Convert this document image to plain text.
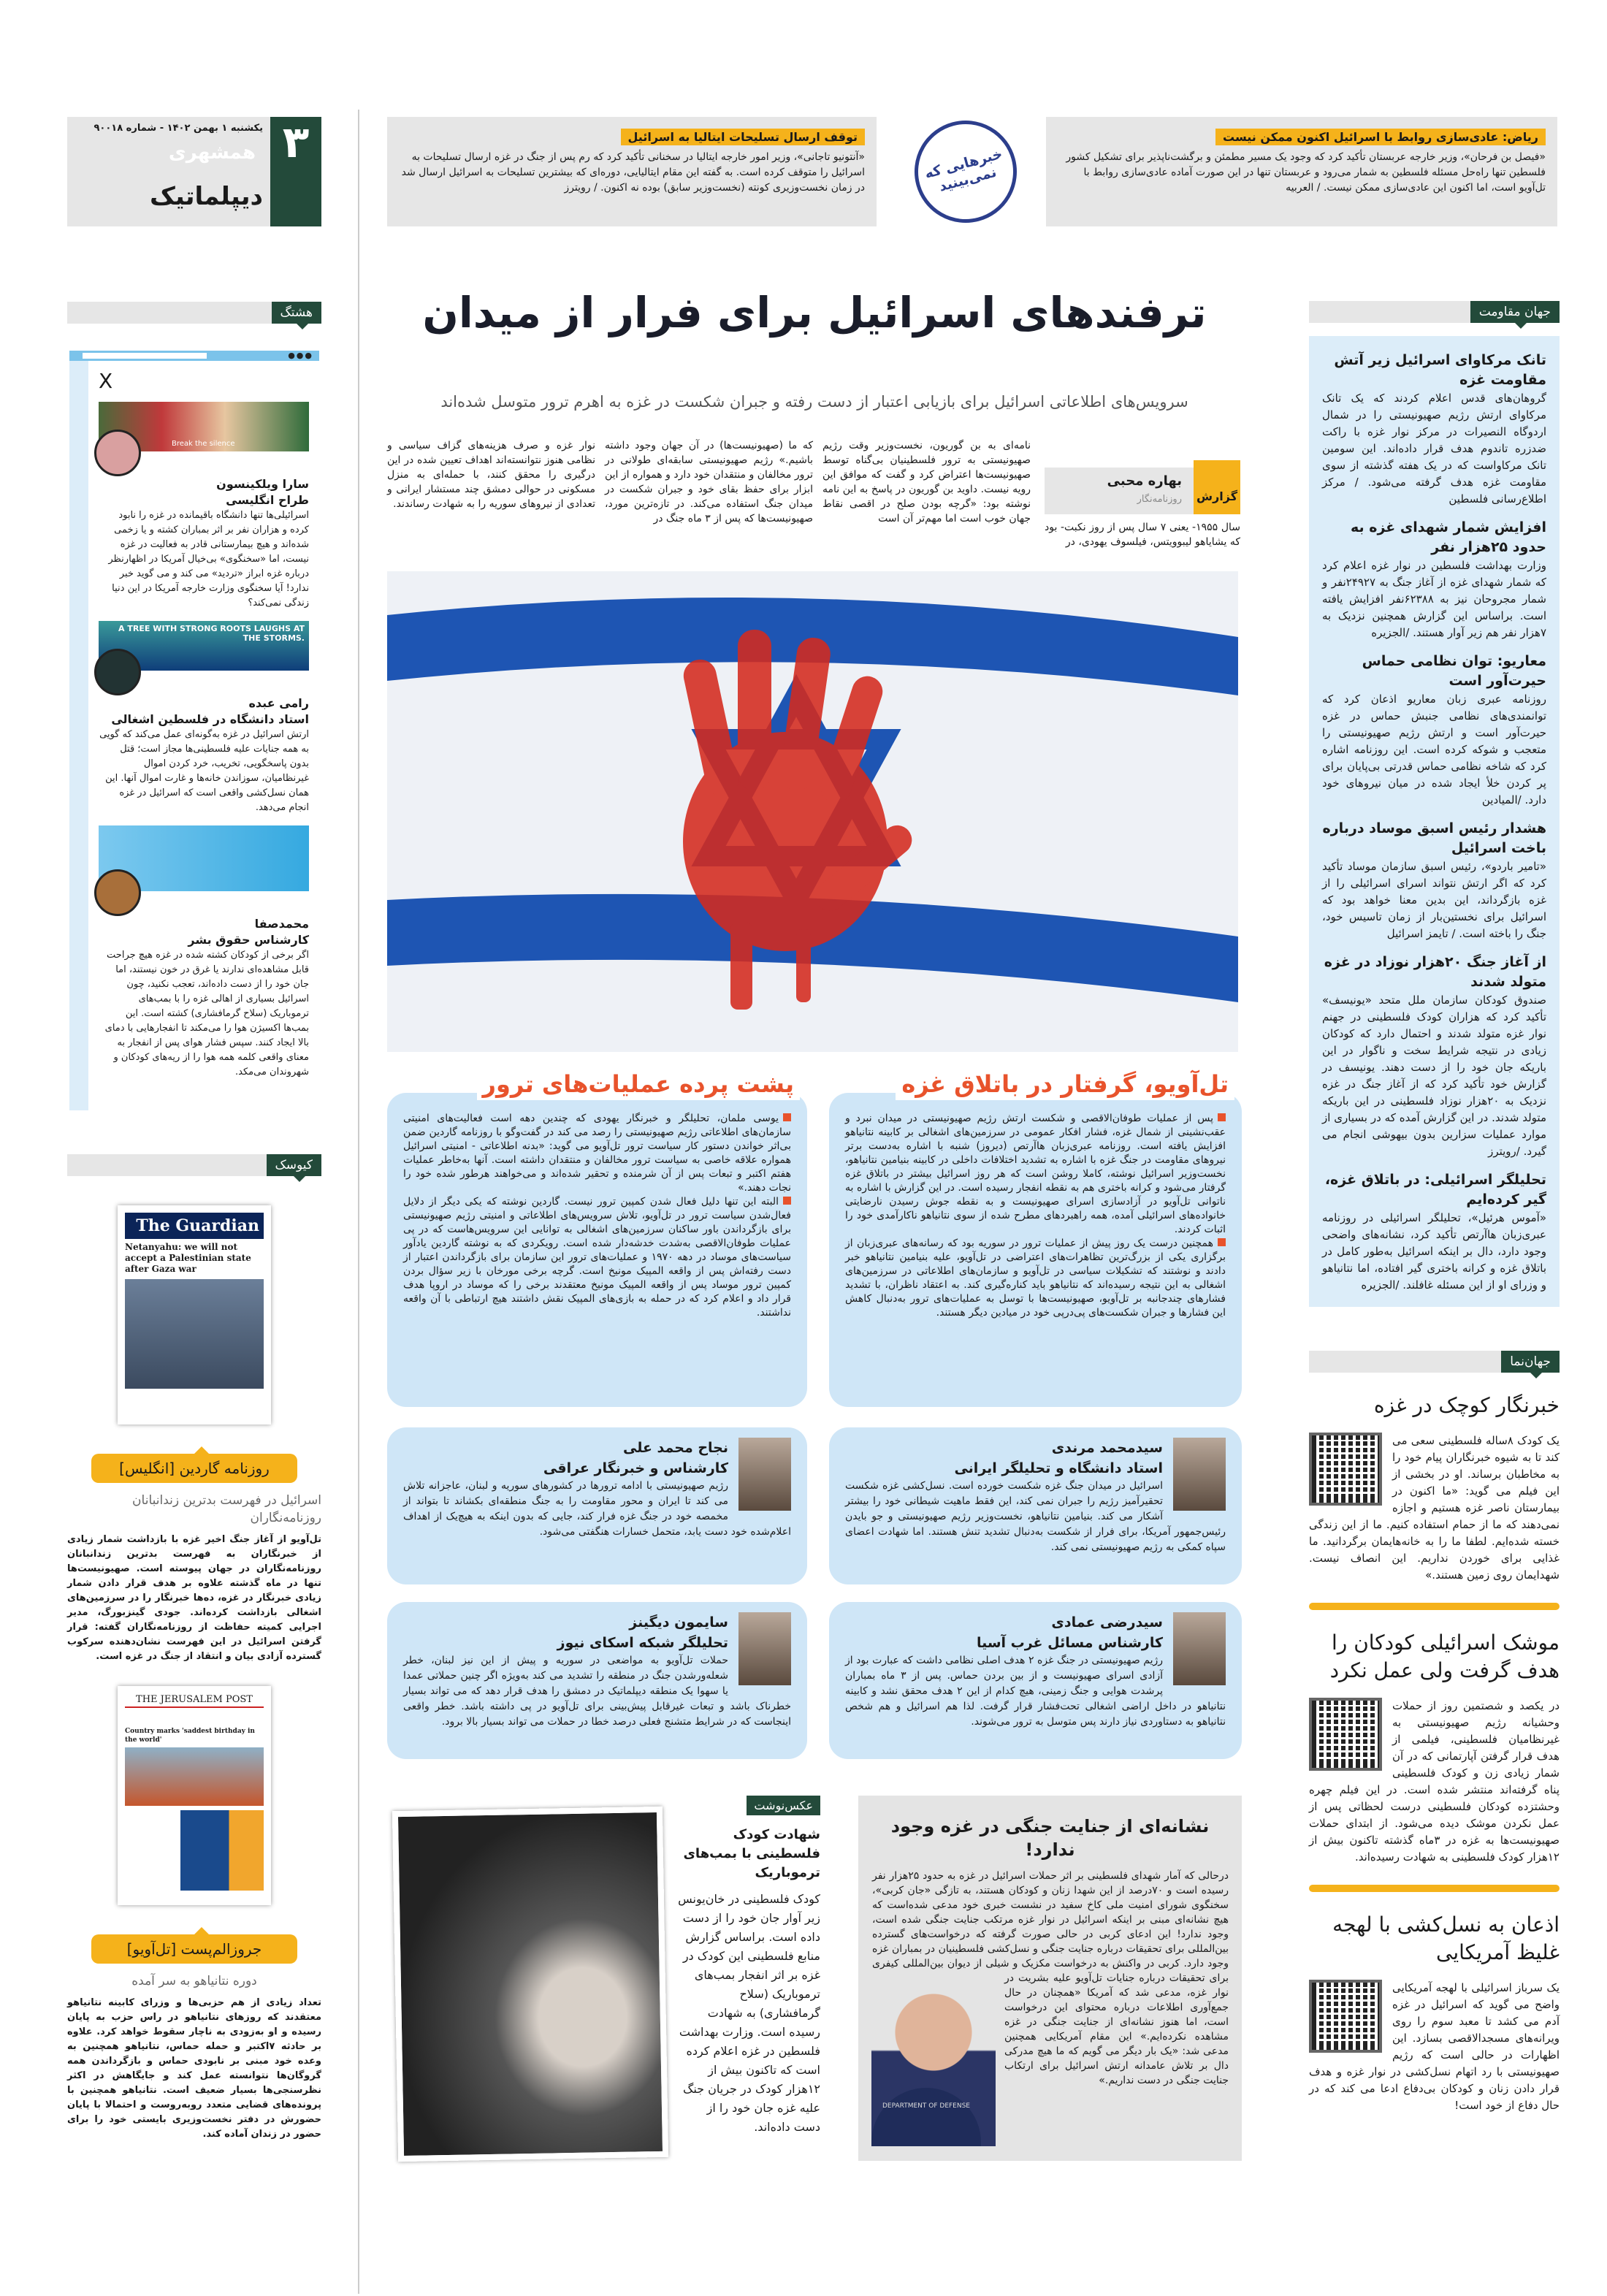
۳
یکشنبه ۱ بهمن ۱۴۰۲ - شماره ۹۰۰۱۸
همشهری
دیپلماتیک
ریاض: عادی‌سازی روابط با اسرائیل اکنون ممکن نیست
«فیصل بن فرحان»، وزیر خارجه عربستان تأکید کرد که وجود یک مسیر مطمئن و برگشت‌ناپذیر برای تشکیل کشور فلسطین تنها راه‌حل مسئله فلسطین به شمار می‌رود و عربستان تنها در این صورت آماده عادی‌سازی روابط با تل‌آویو است، اما اکنون این عادی‌سازی ممکن نیست. / العربیه
توقف ارسال تسلیحات ایتالیا به اسرائیل
«آنتونیو تاجانی»، وزیر امور خارجه ایتالیا در سخنانی تأکید کرد که رم پس از جنگ در غزه ارسال تسلیحات به اسرائیل را متوقف کرده است. به گفته این مقام ایتالیایی، دوره‌ای که بیشترین تسلیحات به اسرائیل ارسال شد در زمان نخست‌وزیری کونته (نخست‌وزیر سابق) بوده نه اکنون. / رویترز
خبرهایی که نمی‌بینید
ترفندهای اسرائیل برای فرار از میدان
سرویس‌های اطلاعاتی اسرائیل برای بازیابی اعتبار از دست رفته و جبران شکست در غزه به اهرم ترور متوسل شده‌اند
گزارش
بهاره محبی
روزنامه‌نگار
سال ۱۹۵۵- یعنی ۷ سال پس از روز نکبت- بود که یشایاهو لیبوویتس، فیلسوف یهودی، در
نامه‌ای به بن گوریون، نخست‌وزیر وقت رژیم صهیونیستی به ترور فلسطینیان بی‌گناه توسط صهیونیست‌ها اعتراض کرد و گفت که موافق این رویه نیست. داوید بن گوریون در پاسخ به این نامه نوشته بود: «گرچه بودن صلح در اقصی نقاط جهان خوب است اما مهم‌تر آن است
که ما (صهیونیست‌ها) در آن جهان وجود داشته باشیم.» رژیم صهیونیستی سابقه‌ای طولانی در ترور مخالفان و منتقدان خود دارد و همواره از این ابزار برای حفظ بقای خود و جبران شکست در میدان جنگ استفاده می‌کند. در تازه‌ترین مورد، صهیونیست‌ها که پس از ۳ ماه جنگ در
نوار غزه و صرف هزینه‌های گزاف سیاسی و نظامی هنوز نتوانسته‌اند اهداف تعیین شده در این درگیری را محقق کنند، با حمله‌ای به منزل مسکونی در حوالی دمشق چند مستشار ایرانی و تعدادی از نیروهای سوریه را به شهادت رساندند.
تل‌آویو، گرفتار در باتلاق غزه
پس از عملیات طوفان‌الاقصی و شکست ارتش رژیم صهیونیستی در میدان نبرد و عقب‌نشینی از شمال غزه، فشار افکار عمومی در سرزمین‌های اشغالی بر کابینه نتانیاهو افزایش یافته است. روزنامه عبری‌زبان هاآرتص (دیروز) شنبه با اشاره به‌دست برتر نیروهای مقاومت در جنگ غزه با اشاره به تشدید اختلافات داخلی در کابینه بنیامین نتانیاهو، نخست‌وزیر اسرائیل نوشته، کاملا روشن است که هر روز اسرائیل بیشتر در باتلاق غزه گرفتار می‌شود و کرانه باختری هم به نقطه انفجار رسیده است. در این گزارش با اشاره به ناتوانی تل‌آویو در آزادسازی اسرای صهیونیست و به نقطه جوش رسیدن نارضایتی خانواده‌های اسرائیلی آمده، همه راهبردهای مطرح شده از سوی نتانیاهو ناکارآمدی خود را اثبات کردند.
همچنین درست یک روز پیش از عملیات ترور در سوریه بود که رسانه‌های عبری‌زبان از برگزاری یکی از بزرگ‌ترین تظاهرات‌های اعتراضی در تل‌آویو، علیه بنیامین نتانیاهو خبر دادند و نوشتند که تشکیلات سیاسی در تل‌آویو و سازمان‌های اطلاعاتی در سرزمین‌های اشغالی به این نتیجه رسیده‌اند که نتانیاهو باید کناره‌گیری کند. به اعتقاد ناظران، با تشدید فشارهای چندجانبه بر تل‌آویو، صهیونیست‌ها با توسل به عملیات‌های ترور به‌دنبال کاهش این فشارها و جبران شکست‌های پی‌درپی خود در میادین دیگر هستند.
پشت پرده عملیات‌های ترور
یوسی ملمان، تحلیلگر و خبرنگار یهودی که چندین دهه است فعالیت‌های امنیتی سازمان‌های اطلاعاتی رژیم صهیونیستی را رصد می کند در گفت‌وگو با روزنامه گاردین ضمن بی‌اثر خواندن دستور کار سیاست ترور تل‌آویو می گوید: «بدنه اطلاعاتی - امنیتی اسرائیل همواره علاقه خاصی به سیاست ترور مخالفان و منتقدان داشته است. آنها به‌خاطر عملیات هفتم اکتبر و تبعات پس از آن شرمنده و تحقیر شده‌اند و می‌خواهند هرطور شده خود را نجات دهند.»
البته این تنها دلیل فعال شدن کمپین ترور نیست. گاردین نوشته که یکی دیگر از دلایل فعال‌شدن سیاست ترور در تل‌آویو، تلاش سرویس‌های اطلاعاتی و امنیتی رژیم صهیونیستی برای بازگرداندن باور ساکنان سرزمین‌های اشغالی به توانایی این سرویس‌هاست که در پی عملیات طوفان‌الاقصی به‌شدت خدشه‌دار شده است. رویکردی که به نوشته گاردین یادآور سیاست‌های موساد در دهه ۱۹۷۰ و عملیات‌های ترور این سازمان برای بازگرداندن اعتبار از دست رفته‌اش پس از واقعه المپیک مونیخ است. گرچه برخی مورخان با زیر سؤال بردن کمپین ترور موساد پس از واقعه المپیک مونیخ معتقدند برخی را که موساد در اروپا هدف قرار داد و اعلام کرد که در حمله به بازی‌های المپیک نقش داشتند هیچ ارتباطی با آن واقعه نداشتند.
سیدمحمد مرندی
استاد دانشگاه و تحلیلگر ایرانی
اسرائیل در میدان جنگ غزه شکست خورده است. نسل‌کشی غزه شکست تحقیرآمیز رژیم را جبران نمی کند، این فقط ماهیت شیطانی خود را بیشتر آشکار می کند. بنیامین نتانیاهو، نخست‌وزیر رژیم صهیونیستی و جو بایدن رئیس‌جمهور آمریکا، برای فرار از شکست به‌دنبال تشدید تنش هستند. اما شهادت اعضای سپاه کمکی به رژیم صهیونیستی نمی کند.
نجاح محمد علی
کارشناس و خبرنگار عراقی
رژیم صهیونیستی با ادامه ترورها در کشورهای سوریه و لبنان، عاجزانه تلاش می کند تا ایران و محور مقاومت را به جنگ منطقه‌ای بکشاند تا بتواند از مخمصه خود در جنگ غزه فرار کند، جایی که بدون اینکه به هیچ‌یک از اهداف اعلام‌شده خود دست یابد، متحمل خسارات هنگفتی می‌شود.
سیدرضی عمادی
کارشناس مسائل غرب آسیا
رژیم صهیونیستی در جنگ غزه ۲ هدف اصلی نظامی داشت که عبارت بود از آزادی اسرای صهیونیست و از بین بردن حماس. پس از ۳ ماه بمباران پرشدت هوایی و جنگ زمینی، هیچ کدام از این ۲ هدف محقق نشد و کابینه نتانیاهو در داخل اراضی اشغالی تحت‌فشار قرار گرفت. لذا هم اسرائیل و هم شخص نتانیاهو به دستاوردی نیاز دارند پس متوسل به ترور می‌شوند.
سایمون دیگینز
تحلیلگر شبکه اسکای نیوز
حملات تل‌آویو به مواضعی در سوریه و پیش از این نیز لبنان، خطر شعله‌ورشدن جنگ در منطقه را تشدید می کند به‌ویژه اگر چنین حملاتی عمدا یا سهوا یک منطقه دیپلماتیک در دمشق را هدف قرار دهد که می تواند بسیار خطرناک باشد و تبعات غیرقابل پیش‌بینی برای تل‌آویو در پی داشته باشد. خطر واقعی اینجاست که در شرایط متشنج فعلی درصد خطا در حملات می تواند بسیار بالا برود.
نشانه‌ای از جنایت جنگی در غزه وجود ندارد!
DEPARTMENT OF DEFENSE
درحالی که آمار شهدای فلسطینی بر اثر حملات اسرائیل در غزه به حدود ۲۵هزار نفر رسیده است و ۷۰درصد از این شهدا زنان و کودکان هستند، به تازگی «جان کربی»، سخنگوی شورای امنیت ملی کاخ سفید در نشست خبری خود مدعی شده‌است که هیچ نشانه‌ای مبنی بر اینکه اسرائیل در نوار غزه مرتکب جنایت جنگی شده است، وجود ندارد! این ادعای کربی در حالی صورت گرفته که درخواست‌های گسترده بین‌المللی برای تحقیقات درباره جنایت جنگی و نسل‌کشی فلسطینیان در بمباران غزه وجود دارد. کربی در واکنش به درخواست مکزیک و شیلی از دیوان بین‌المللی کیفری برای تحقیقات درباره جنایات تل‌آویو علیه بشریت در نوار غزه، مدعی شد که آمریکا «همچنان در حال جمع‌آوری اطلاعات درباره محتوای این درخواست است، اما هنوز نشانه‌ای از جنایت جنگی در غزه مشاهده نکرده‌ایم.» این مقام آمریکایی همچنین مدعی شد: «یک بار دیگر می گویم که ما هیچ مدرکی دال بر تلاش عامدانه ارتش اسرائیل برای ارتکاب جنایت جنگی در دست نداریم.»
عکس‌نوشت
شهادت کودک فلسطینی با بمب‌های ترموباریک
کودک فلسطینی در خان‌یونس زیر آوار جان خود را از دست داده است. براساس گزارش منابع فلسطینی این کودک در غزه بر اثر انفجار بمب‌های ترموباریک (سلاح گرمافشاری) به شهادت رسیده است. وزارت بهداشت فلسطین در غزه اعلام کرده است که تاکنون بیش از ۱۲هزار کودک در جریان جنگ علیه غزه جان خود را از دست داده‌اند.
هشتگ
●●●
X
Break the silence
سارا ویلکینسون
طراح انگلیسی
اسرائیلی‌ها تنها دانشگاه باقیمانده در غزه را نابود کرده و هزاران نفر بر اثر بمباران کشته و یا زخمی شده‌اند و هیچ بیمارستانی قادر به فعالیت در غزه نیست، اما «سخنگوی» بی‌خیال آمریکا در اظهارنظر درباره غزه ابراز «تردید» می کند و می گوید خبر ندارد! آیا سخنگوی وزارت خارجه آمریکا در این دنیا زندگی نمی‌کند؟
A TREE WITH STRONG ROOTS LAUGHS AT THE STORMS.
رامی عبده
استاد دانشگاه در فلسطین اشغالی
ارتش اسرائیل در غزه به‌گونه‌ای عمل می‌کند که گویی به همه جنایات علیه فلسطینی‌ها مجاز است؛ قتل بدون پاسخگویی، تخریب، خرد کردن اموال غیرنظامیان، سوزاندن خانه‌ها و غارت اموال آنها. این همان نسل‌کشی واقعی است که اسرائیل در غزه انجام می‌دهد.
محمدصفا
کارشناس حقوق بشر
اگر برخی از کودکان کشته شده در غزه هیچ جراحت قابل مشاهده‌ای ندارند یا غرق در خون نیستند، اما جان خود را از دست داده‌اند، تعجب نکنید، چون اسرائیل بسیاری از اهالی غزه را با بمب‌های ترموباریک (سلاح گرمافشاری) کشته است. این بمب‌ها اکسیژن هوا را می‌مکند تا انفجارهایی با دمای بالا ایجاد کنند. سپس فشار هوای پس از انفجار به معنای واقعی کلمه همه هوا را از ریه‌های کودکان و شهروندان می‌مکد.
کیوسک
The Guardian
Netanyahu: we will not accept a Palestinian state after Gaza war
روزنامه گاردین [انگلیس]
اسرائیل در فهرست بدترین زندانبانان روزنامه‌نگاران
تل‌آویو از آغاز جنگ اخیر غزه با بازداشت شمار زیادی از خبرنگاران به فهرست بدترین زندانبانان روزنامه‌نگاران در جهان پیوسته است. صهیونیست‌ها تنها در ماه گذشته علاوه بر هدف قرار دادن شمار زیادی خبرنگار در غزه، ده‌ها خبرنگار را در سرزمین‌های اشغالی بازداشت کرده‌اند. جودی گینزبورگ، مدیر اجرایی کمیته حفاظت از روزنامه‌نگاران گفته: قرار گرفتن اسرائیل در این فهرست نشان‌دهنده سرکوب گسترده آزادی بیان و انتقاد از جنگ در غزه است.
THE JERUSALEM POST
Country marks 'saddest birthday in the world'
جروزالم‌پست [تل‌آویو]
دوره نتانیاهو به سر آمده
تعداد زیادی از هم حزبی‌ها و وزرای کابینه نتانیاهو معتقدند که روزهای نتانیاهو در راس حزب به پایان رسیده و او به‌زودی به ناچار سقوط خواهد کرد. علاوه بر حادثه ۷اکتبر و حمله حماس، نتانیاهو همچنین به وعده خود مبنی بر نابودی حماس و بازگرداندن همه گروگان‌ها نتوانسته عمل کند و جایگاهش در اکثر نظرسنجی‌ها بسیار ضعیف است. نتانیاهو همچنین با پرونده‌های قضایی متعدد روبه‌روست و احتمالا با پایان حضورش در دفتر نخست‌وزیری بایستی خود را برای حضور در زندان آماده کند.
جهان مقاومت
تانک مرکاوای اسرائیل زیر آتش مقاومت غزه
گروهان‌های قدس اعلام کردند که یک تانک مرکاوای ارتش رژیم صهیونیستی را در شمال اردوگاه النصیرات در مرکز نوار غزه با راکت ضدزره تاندوم هدف قرار داده‌اند. این سومین تانک مرکاواست که در یک هفته گذشته از سوی مقاومت غزه هدف گرفته می‌شود. / مرکز اطلاع‌رسانی فلسطین
افزایش شمار شهدای غزه به حدود ۲۵هزار نفر
وزارت بهداشت فلسطین در نوار غزه اعلام کرد که شمار شهدای غزه از آغاز جنگ به ۲۴۹۲۷نفر و شمار مجروحان نیز به ۶۲۳۸۸نفر افزایش یافته است. براساس این گزارش همچنین نزدیک به ۷هزار نفر هم زیر آوار هستند. /الجزیره
معاریو: توان نظامی حماس حیرت‌آور است
روزنامه عبری زبان معاریو اذعان کرد که توانمندی‌های نظامی جنبش حماس در غزه حیرت‌آور است و ارتش رژیم صهیونیستی را متعجب و شوکه کرده است. این روزنامه اشاره کرد که شاخه نظامی حماس قدرتی بی‌پایان برای پر کردن خلأ ایجاد شده در میان نیروهای خود دارد. /المیادین
هشدار رئیس اسبق موساد درباره باخت اسرائیل
«تامیر باردو»، رئیس اسبق سازمان موساد تأکید کرد که اگر ارتش نتواند اسرای اسرائیلی را از غزه بازگرداند، این بدین معنا خواهد بود که اسرائیل برای نخستین‌بار از زمان تاسیس خود، جنگ را باخته است. / تایمز اسرائیل
از آغاز جنگ ۲۰هزار نوزاد در غزه متولد شدند
صندوق کودکان سازمان ملل متحد «یونیسف» تأکید کرد که هزاران کودک فلسطینی در جهنم نوار غزه متولد شدند و احتمال دارد که کودکان زیادی در نتیجه شرایط سخت و ناگوار در این باریکه جان خود را از دست دهند. یونیسف در گزارش خود تأکید کرد که از آغاز جنگ در غزه نزدیک به ۲۰هزار نوزاد فلسطینی در این باریکه متولد شدند. در این گزارش آمده که در بسیاری از موارد عملیات سزارین بدون بیهوشی انجام می گیرد. /رویترز
تحلیلگر اسرائیلی: در باتلاق غزه، گیر کرده‌ایم
«آموس هرئیل»، تحلیلگر اسرائیلی در روزنامه عبری‌زبان هاآرتص تأکید کرد، نشانه‌های واضحی وجود دارد، دال بر اینکه اسرائیل به‌طور کامل در باتلاق غزه و کرانه باختری گیر افتاده، اما نتانیاهو و وزرای او از این مسئله غافلند. /الجزیره
جهان‌نما
خبرنگار کوچک در غزه
یک کودک ۸ساله فلسطینی سعی می کند تا به شیوه خبرنگاران پیام خود را به مخاطبان برساند. او در بخشی از این فیلم می گوید: «ما اکنون در بیمارستان ناصر غزه هستیم و اجازه نمی‌دهند که ما از حمام استفاده کنیم. ما از این زندگی خسته شده‌ایم. لطفا ما را به خانه‌هایمان برگردانید. ما غذایی برای خوردن نداریم. این انصاف نیست. شهدایمان روی زمین هستند.»
موشک اسرائیلی کودکان را هدف گرفت ولی عمل نکرد
در یکصد و شصتمین روز از حملات وحشیانه رژیم صهیونیستی به غیرنظامیان فلسطینی، فیلمی از هدف قرار گرفتن آپارتمانی که در آن شمار زیادی زن و کودک فلسطینی پناه گرفته‌اند منتشر شده است. در این فیلم چهره وحشتزده کودکان فلسطینی درست لحظاتی پس از عمل نکردن موشک دیده می‌شود. از ابتدای حملات صهیونیست‌ها به غزه در ۳ماه گذشته تاکنون بیش از ۱۲هزار کودک فلسطینی به شهادت رسیده‌اند.
اذعان به نسل‌کشی با لهجه غلیظ آمریکایی
یک سرباز اسرائیلی با لهجه آمریکایی واضح می گوید که اسرائیل در غزه آدم می کشد تا معبد سوم را روی ویرانه‌های مسجدالاقصی بسازد. این اظهارات در حالی است که رژیم صهیونیستی با رد اتهام نسل‌کشی در نوار غزه و هدف قرار دادن زنان و کودکان بی‌دفاع ادعا می کند که در حال دفاع از خود است!
